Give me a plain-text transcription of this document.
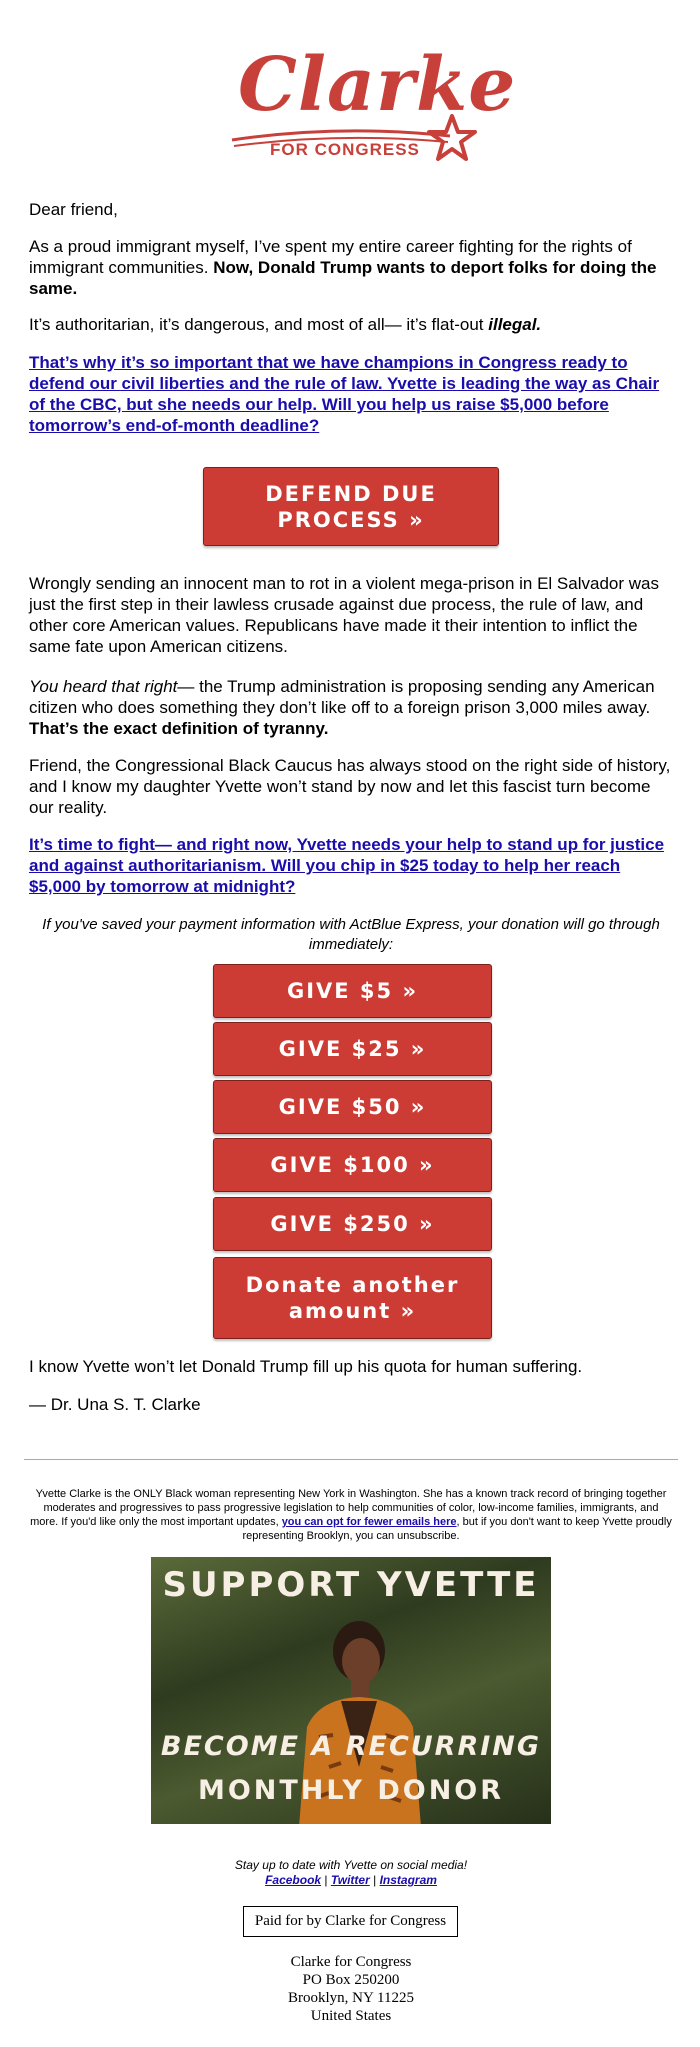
Clarke
FOR CONGRESS

Dear friend,

As a proud immigrant myself, I’ve spent my entire career fighting for the rights of immigrant communities. Now, Donald Trump wants to deport folks for doing the same.

It’s authoritarian, it’s dangerous, and most of all— it’s flat-out illegal.

That’s why it’s so important that we have champions in Congress ready to defend our civil liberties and the rule of law. Yvette is leading the way as Chair of the CBC, but she needs our help. Will you help us raise $5,000 before tomorrow’s end-of-month deadline?

DEFEND DUE PROCESS »

Wrongly sending an innocent man to rot in a violent mega-prison in El Salvador was just the first step in their lawless crusade against due process, the rule of law, and other core American values. Republicans have made it their intention to inflict the same fate upon American citizens.

You heard that right— the Trump administration is proposing sending any American citizen who does something they don’t like off to a foreign prison 3,000 miles away. That’s the exact definition of tyranny.

Friend, the Congressional Black Caucus has always stood on the right side of history, and I know my daughter Yvette won’t stand by now and let this fascist turn become our reality.

It’s time to fight— and right now, Yvette needs your help to stand up for justice and against authoritarianism. Will you chip in $25 today to help her reach $5,000 by tomorrow at midnight?

If you've saved your payment information with ActBlue Express, your donation will go through immediately:
GIVE $5 »
GIVE $25 »
GIVE $50 »
GIVE $100 »
GIVE $250 »
Donate another amount »

I know Yvette won’t let Donald Trump fill up his quota for human suffering.

— Dr. Una S. T. Clarke

Yvette Clarke is the ONLY Black woman representing New York in Washington. She has a known track record of bringing together moderates and progressives to pass progressive legislation to help communities of color, low-income families, immigrants, and more. If you'd like only the most important updates, you can opt for fewer emails here, but if you don't want to keep Yvette proudly representing Brooklyn, you can unsubscribe.
SUPPORT YVETTE
BECOME A RECURRING
MONTHLY DONOR
Stay up to date with Yvette on social media!
Facebook | Twitter | Instagram
Paid for by Clarke for Congress
Clarke for Congress
PO Box 250200
Brooklyn, NY 11225
United States
